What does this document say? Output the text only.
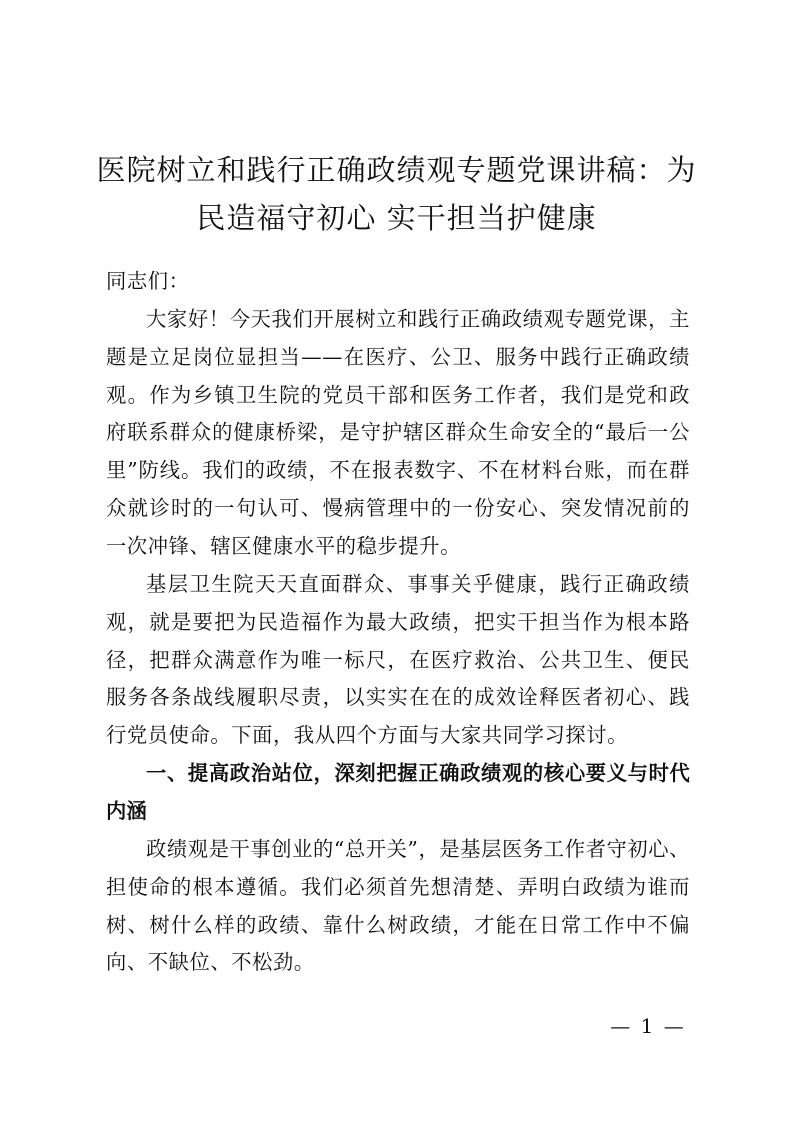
医院树立和践行正确政绩观专题党课讲稿：为
民造福守初心 实干担当护健康

同志们：

大家好！今天我们开展树立和践行正确政绩观专题党课，主题是立足岗位显担当——在医疗、公卫、服务中践行正确政绩观。作为乡镇卫生院的党员干部和医务工作者，我们是党和政府联系群众的健康桥梁，是守护辖区群众生命安全的“最后一公里”防线。我们的政绩，不在报表数字、不在材料台账，而在群众就诊时的一句认可、慢病管理中的一份安心、突发情况前的一次冲锋、辖区健康水平的稳步提升。

基层卫生院天天直面群众、事事关乎健康，践行正确政绩观，就是要把为民造福作为最大政绩，把实干担当作为根本路径，把群众满意作为唯一标尺，在医疗救治、公共卫生、便民服务各条战线履职尽责，以实实在在的成效诠释医者初心、践行党员使命。下面，我从四个方面与大家共同学习探讨。

一、提高政治站位，深刻把握正确政绩观的核心要义与时代内涵

政绩观是干事创业的“总开关”，是基层医务工作者守初心、担使命的根本遵循。我们必须首先想清楚、弄明白政绩为谁而树、树什么样的政绩、靠什么树政绩，才能在日常工作中不偏向、不缺位、不松劲。

— 1 —
